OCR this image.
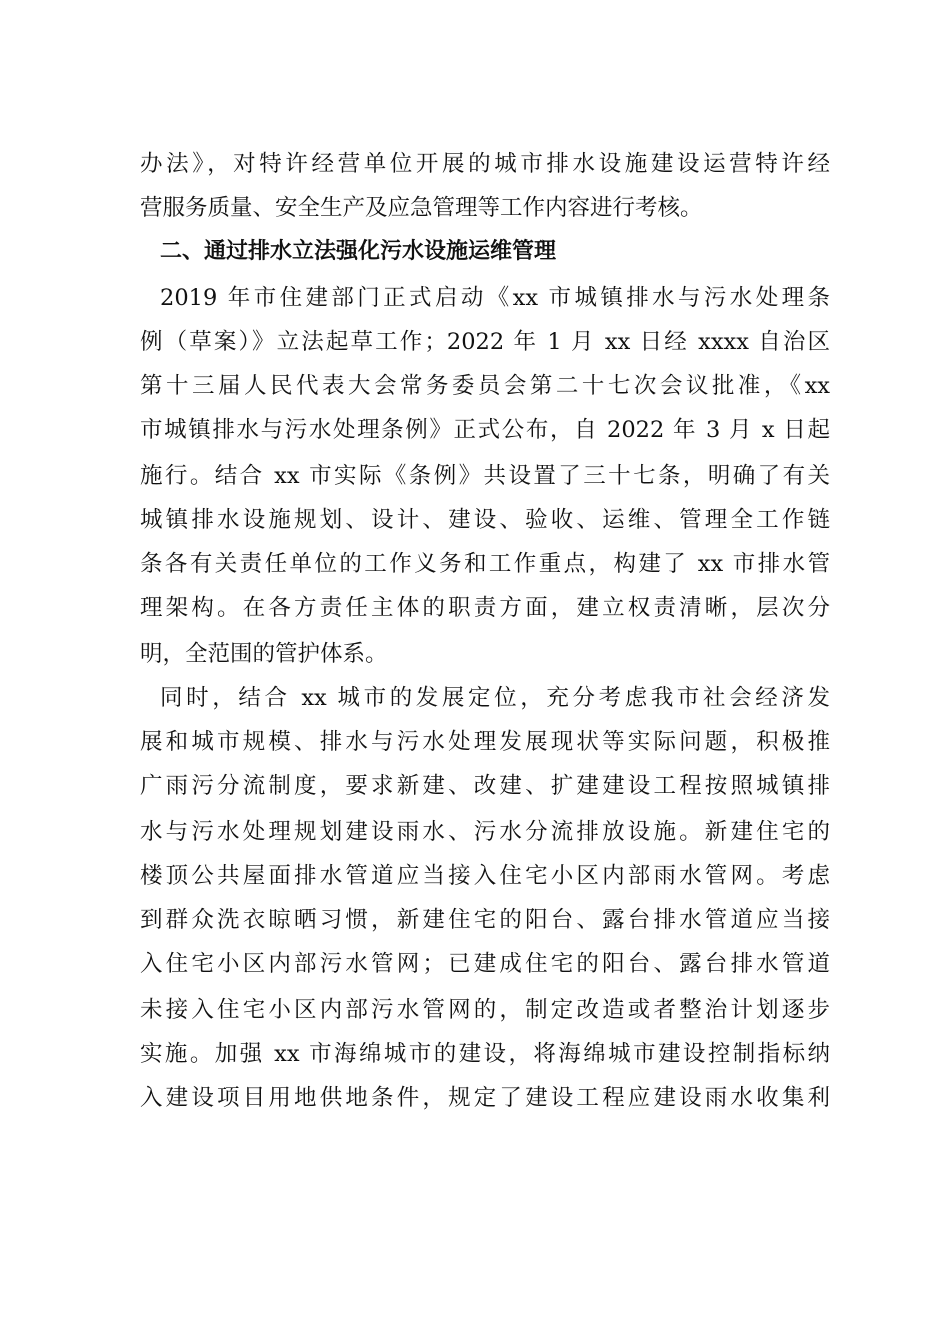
办法》，对特许经营单位开展的城市排水设施建设运营特许经
营服务质量、安全生产及应急管理等工作内容进行考核。
二、通过排水立法强化污水设施运维管理
2019 年市住建部门正式启动《xx 市城镇排水与污水处理条
例（草案）》立法起草工作；2022 年 1 月 xx 日经 xxxx 自治区
第十三届人民代表大会常务委员会第二十七次会议批准，《xx
市城镇排水与污水处理条例》正式公布，自 2022 年 3 月 x 日起
施行。结合 xx 市实际《条例》共设置了三十七条，明确了有关
城镇排水设施规划、设计、建设、验收、运维、管理全工作链
条各有关责任单位的工作义务和工作重点，构建了 xx 市排水管
理架构。在各方责任主体的职责方面，建立权责清晰，层次分
明，全范围的管护体系。
同时，结合 xx 城市的发展定位，充分考虑我市社会经济发
展和城市规模、排水与污水处理发展现状等实际问题，积极推
广雨污分流制度，要求新建、改建、扩建建设工程按照城镇排
水与污水处理规划建设雨水、污水分流排放设施。新建住宅的
楼顶公共屋面排水管道应当接入住宅小区内部雨水管网。考虑
到群众洗衣晾晒习惯，新建住宅的阳台、露台排水管道应当接
入住宅小区内部污水管网；已建成住宅的阳台、露台排水管道
未接入住宅小区内部污水管网的，制定改造或者整治计划逐步
实施。加强 xx 市海绵城市的建设，将海绵城市建设控制指标纳
入建设项目用地供地条件，规定了建设工程应建设雨水收集利
